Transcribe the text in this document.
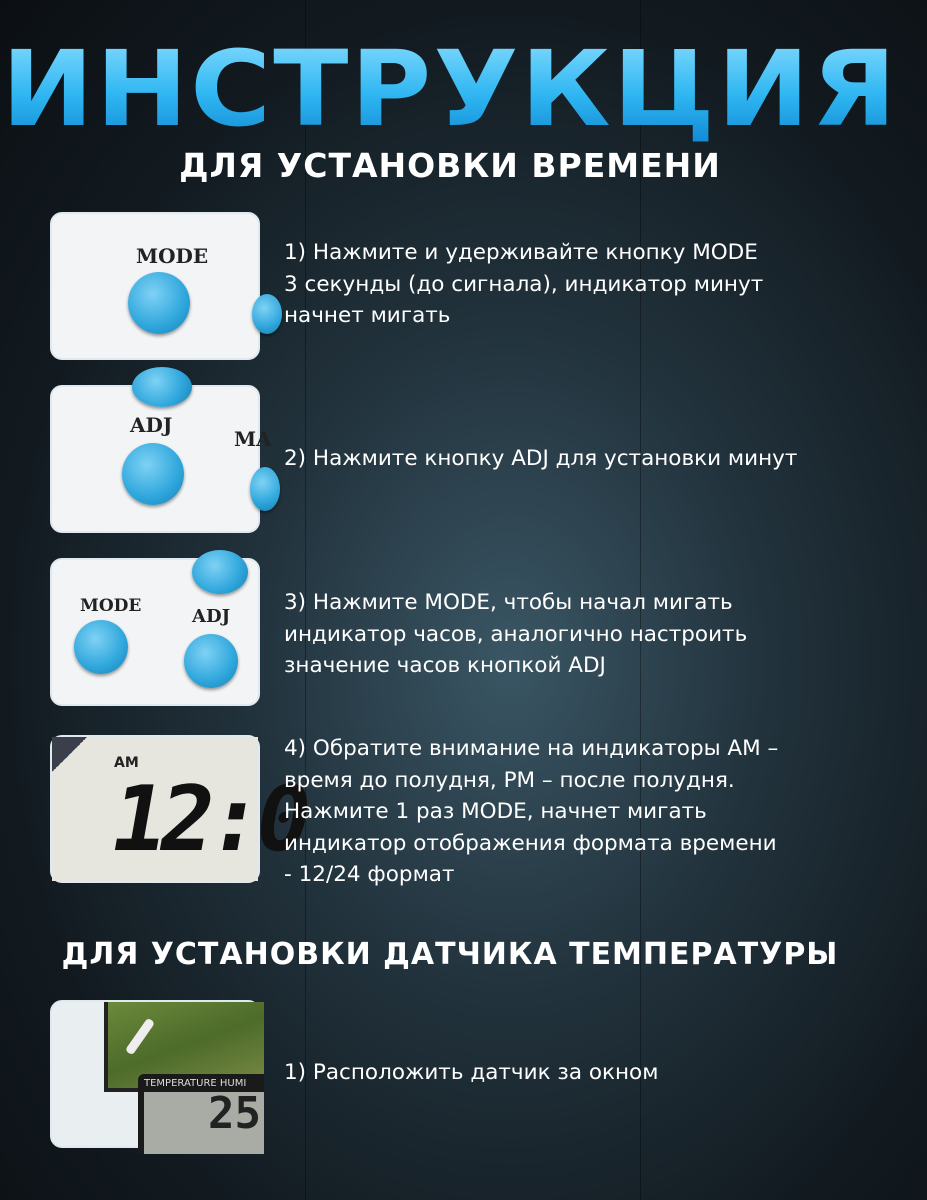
ИНСТРУКЦИЯ
ДЛЯ УСТАНОВКИ ВРЕМЕНИ
MODE	1) Нажмите и удерживайте кнопку MODE
3 секунды (до сигнала), индикатор минут
начнет мигать
ADJ
MA
2) Нажмите кнопку ADJ для установки минут
MODE	ADJ
3) Нажмите MODE, чтобы начал мигать
индикатор часов, аналогично настроить
значение часов кнопкой ADJ
AM
12:0
4) Обратите внимание на индикаторы AM –
время до полудня, PM – после полудня.
Нажмите 1 раз MODE, начнет мигать
индикатор отображения формата времени
- 12/24 формат
ДЛЯ УСТАНОВКИ ДАТЧИКА ТЕМПЕРАТУРЫ
TEMPERATURE HUMI
25
1) Расположить датчик за окном
